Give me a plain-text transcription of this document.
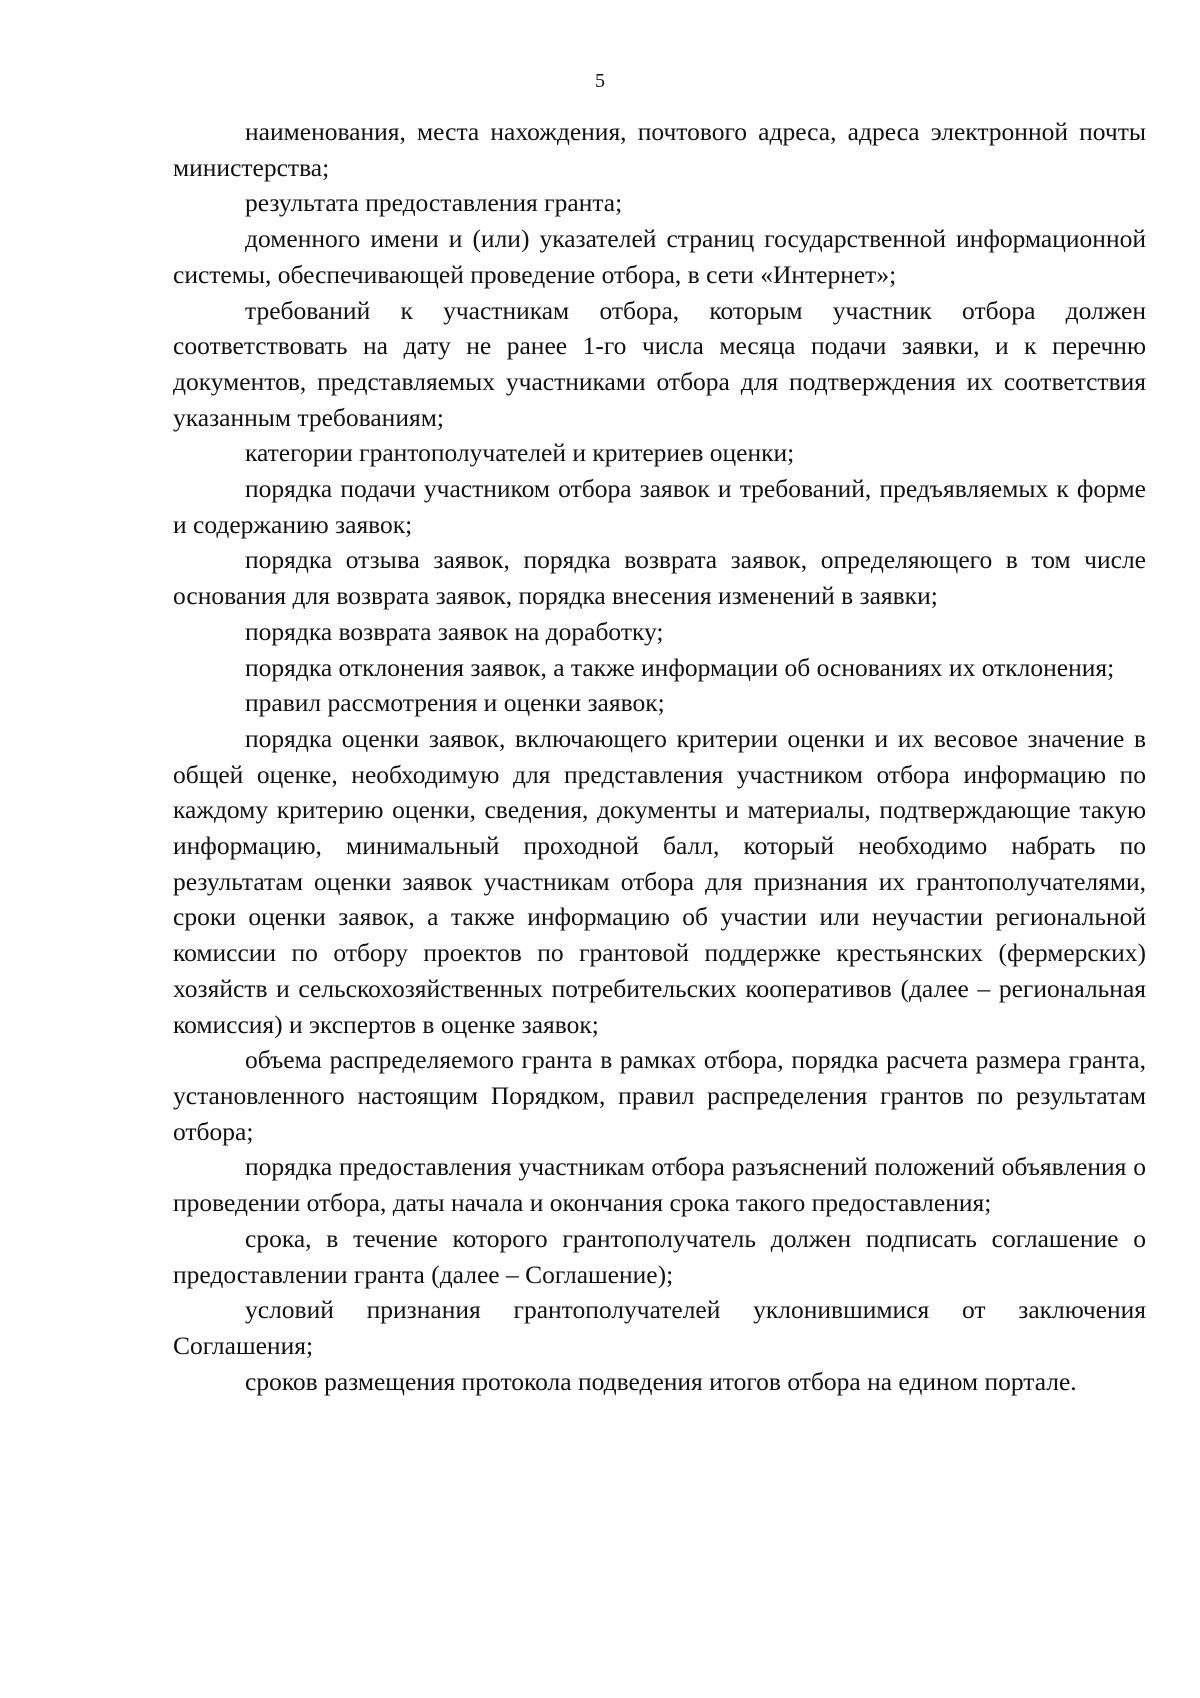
5

наименования, места нахождения, почтового адреса, адреса электронной почты министерства;

результата предоставления гранта;

доменного имени и (или) указателей страниц государственной информационной системы, обеспечивающей проведение отбора, в сети «Интернет»;

требований к участникам отбора, которым участник отбора должен соответствовать на дату не ранее 1-го числа месяца подачи заявки, и к перечню документов, представляемых участниками отбора для подтверждения их соответствия указанным требованиям;

категории грантополучателей и критериев оценки;

порядка подачи участником отбора заявок и требований, предъявляемых к форме и содержанию заявок;

порядка отзыва заявок, порядка возврата заявок, определяющего в том числе основания для возврата заявок, порядка внесения изменений в заявки;

порядка возврата заявок на доработку;

порядка отклонения заявок, а также информации об основаниях их отклонения;

правил рассмотрения и оценки заявок;

порядка оценки заявок, включающего критерии оценки и их весовое значение в общей оценке, необходимую для представления участником отбора информацию по каждому критерию оценки, сведения, документы и материалы, подтверждающие такую информацию, минимальный проходной балл, который необходимо набрать по результатам оценки заявок участникам отбора для признания их грантополучателями, сроки оценки заявок, а также информацию об участии или неучастии региональной комиссии по отбору проектов по грантовой поддержке крестьянских (фермерских) хозяйств и сельскохозяйственных потребительских кооперативов (далее – региональная комиссия) и экспертов в оценке заявок;

объема распределяемого гранта в рамках отбора, порядка расчета размера гранта, установленного настоящим Порядком, правил распределения грантов по результатам отбора;

порядка предоставления участникам отбора разъяснений положений объявления о проведении отбора, даты начала и окончания срока такого предоставления;

срока, в течение которого грантополучатель должен подписать соглашение о предоставлении гранта (далее – Соглашение);

условий признания грантополучателей уклонившимися от заключения Соглашения;

сроков размещения протокола подведения итогов отбора на едином портале.
